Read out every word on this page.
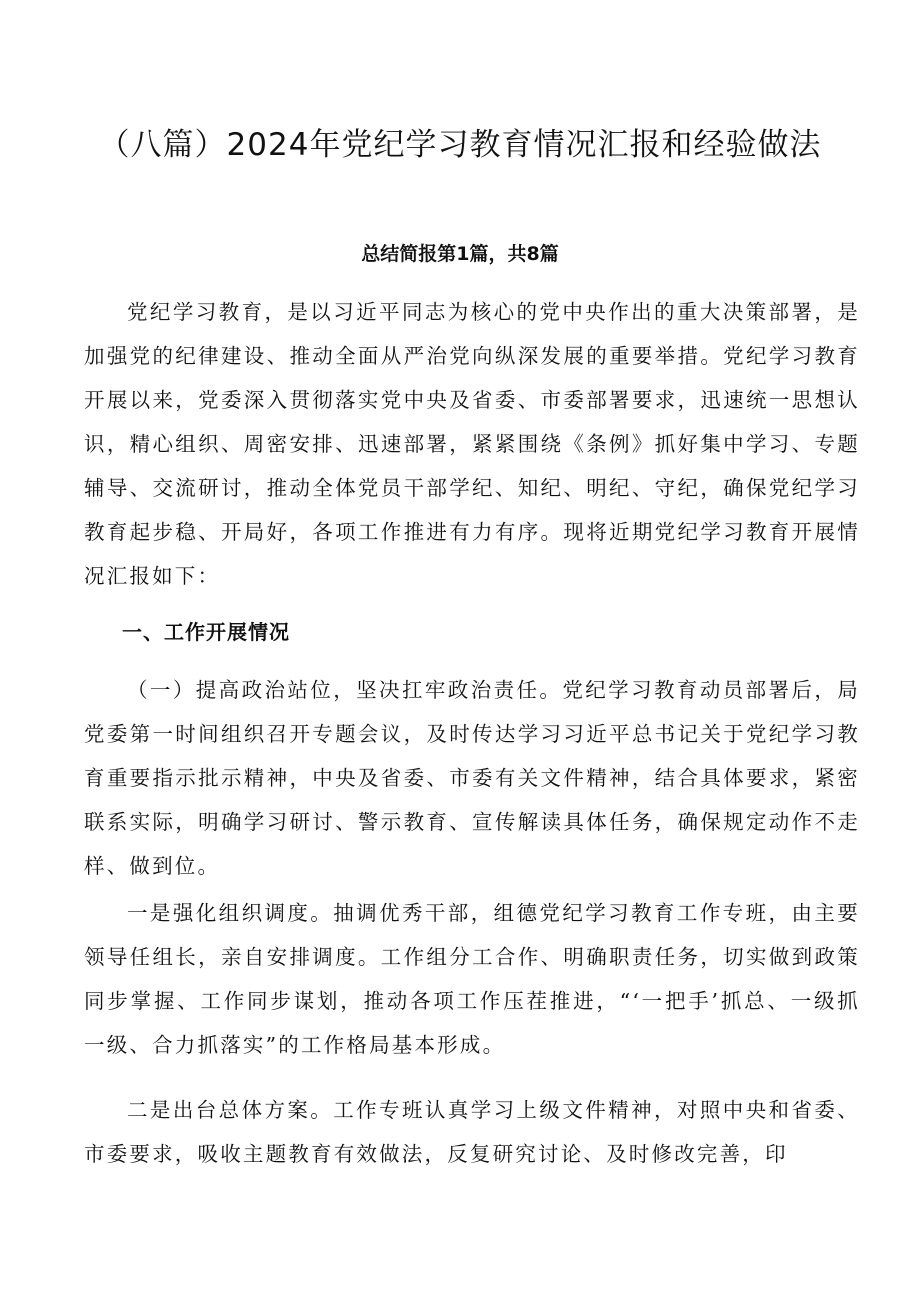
（八篇）2024年党纪学习教育情况汇报和经验做法
总结简报第1篇，共8篇

党纪学习教育，是以习近平同志为核心的党中央作出的重大决策部署，是加强党的纪律建设、推动全面从严治党向纵深发展的重要举措。党纪学习教育开展以来，党委深入贯彻落实党中央及省委、市委部署要求，迅速统一思想认识，精心组织、周密安排、迅速部署，紧紧围绕《条例》抓好集中学习、专题辅导、交流研讨，推动全体党员干部学纪、知纪、明纪、守纪，确保党纪学习教育起步稳、开局好，各项工作推进有力有序。现将近期党纪学习教育开展情况汇报如下：

一、工作开展情况

（一）提高政治站位，坚决扛牢政治责任。党纪学习教育动员部署后，局党委第一时间组织召开专题会议，及时传达学习习近平总书记关于党纪学习教育重要指示批示精神，中央及省委、市委有关文件精神，结合具体要求，紧密联系实际，明确学习研讨、警示教育、宣传解读具体任务，确保规定动作不走样、做到位。

一是强化组织调度。抽调优秀干部，组德党纪学习教育工作专班，由主要领导任组长，亲自安排调度。工作组分工合作、明确职责任务，切实做到政策同步掌握、工作同步谋划，推动各项工作压茬推进，“‘一把手’抓总、一级抓一级、合力抓落实”的工作格局基本形成。

二是出台总体方案。工作专班认真学习上级文件精神，对照中央和省委、市委要求，吸收主题教育有效做法，反复研究讨论、及时修改完善，印
